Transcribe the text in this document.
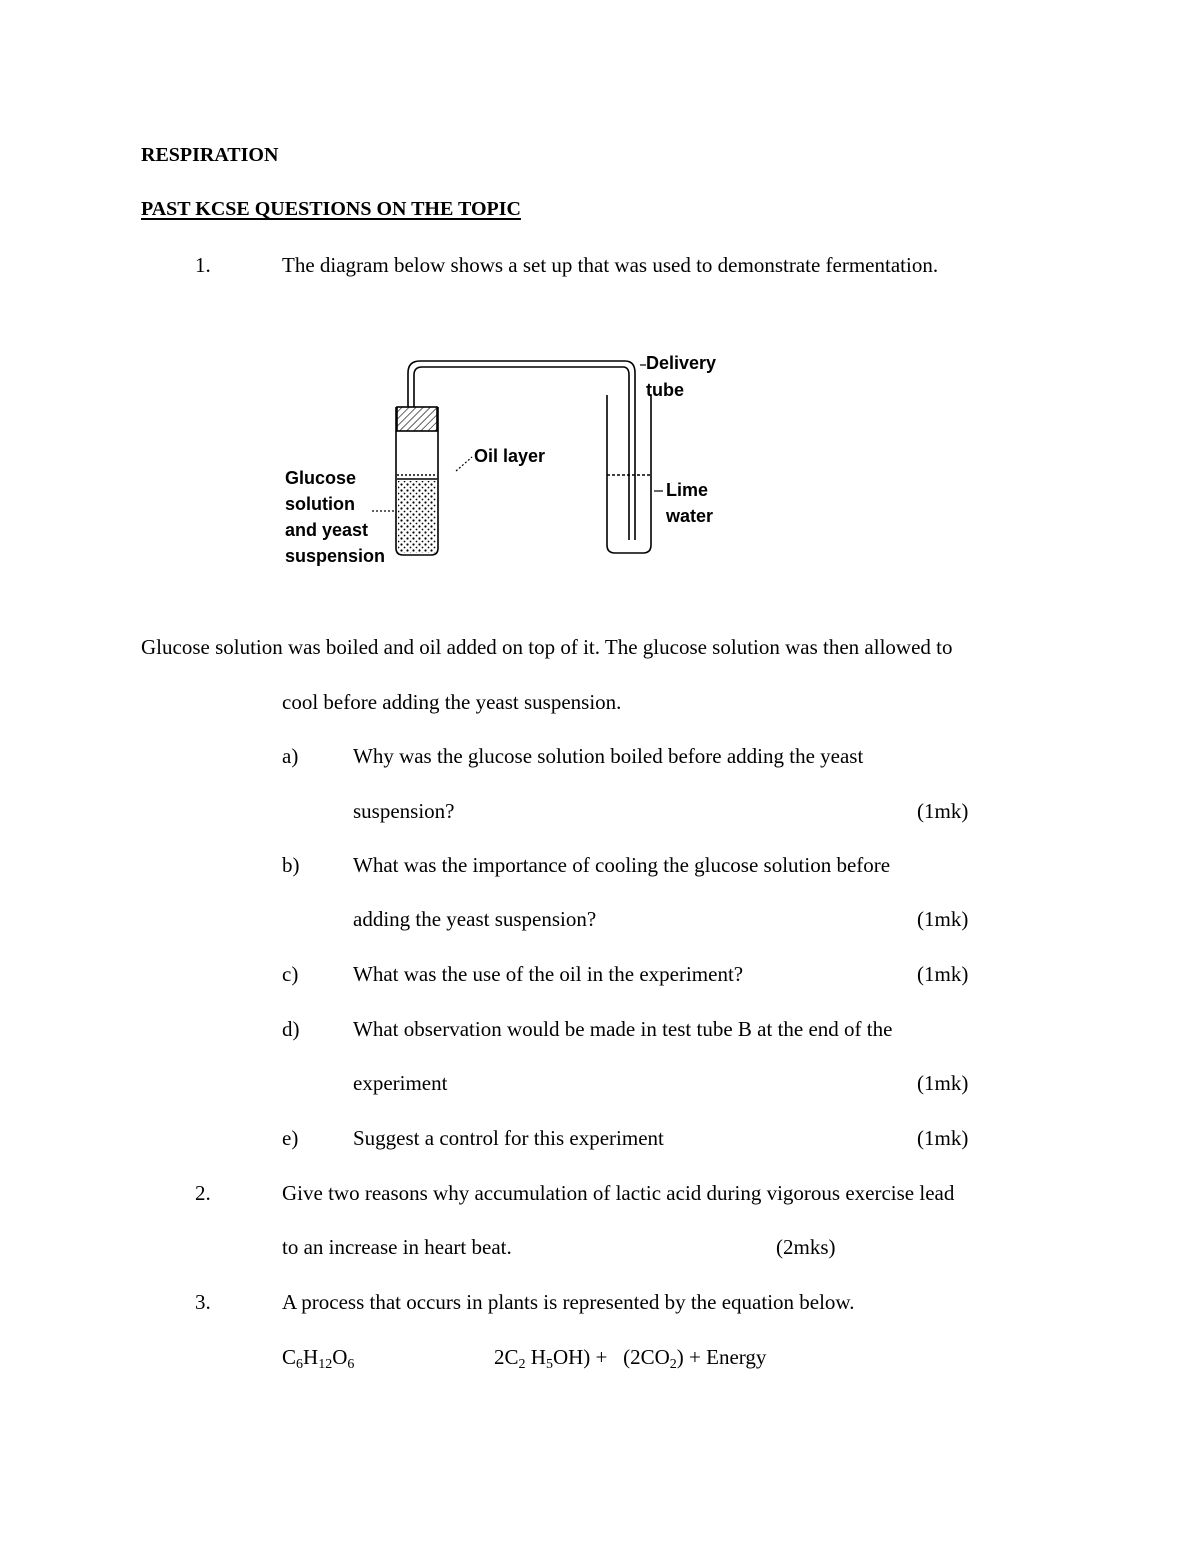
RESPIRATION
PAST KCSE QUESTIONS ON THE TOPIC
1.	The diagram below shows a set up that was used to demonstrate fermentation.
Delivery
tube
Oil layer
Glucose
solution
and yeast
suspension
Lime
water
Glucose solution was boiled and oil added on top of it. The glucose solution was then allowed to
cool before adding the yeast suspension.
a)	Why was the glucose solution boiled before adding the yeast
suspension?	(1mk)
b)	What was the importance of cooling the glucose solution before
adding the yeast suspension?	(1mk)
c)	What was the use of the oil in the experiment?	(1mk)
d)	What observation would be made in test tube B at the end of the
experiment	(1mk)
e)	Suggest a control for this experiment	(1mk)
2.	Give two reasons why accumulation of lactic acid during vigorous exercise lead
to an increase in heart beat.	(2mks)
3.	A process that occurs in plants is represented by the equation below.
$C_6H_{12}O_6$	$2C_2$ $H_5OH) + (2CO_2)$ + Energy
